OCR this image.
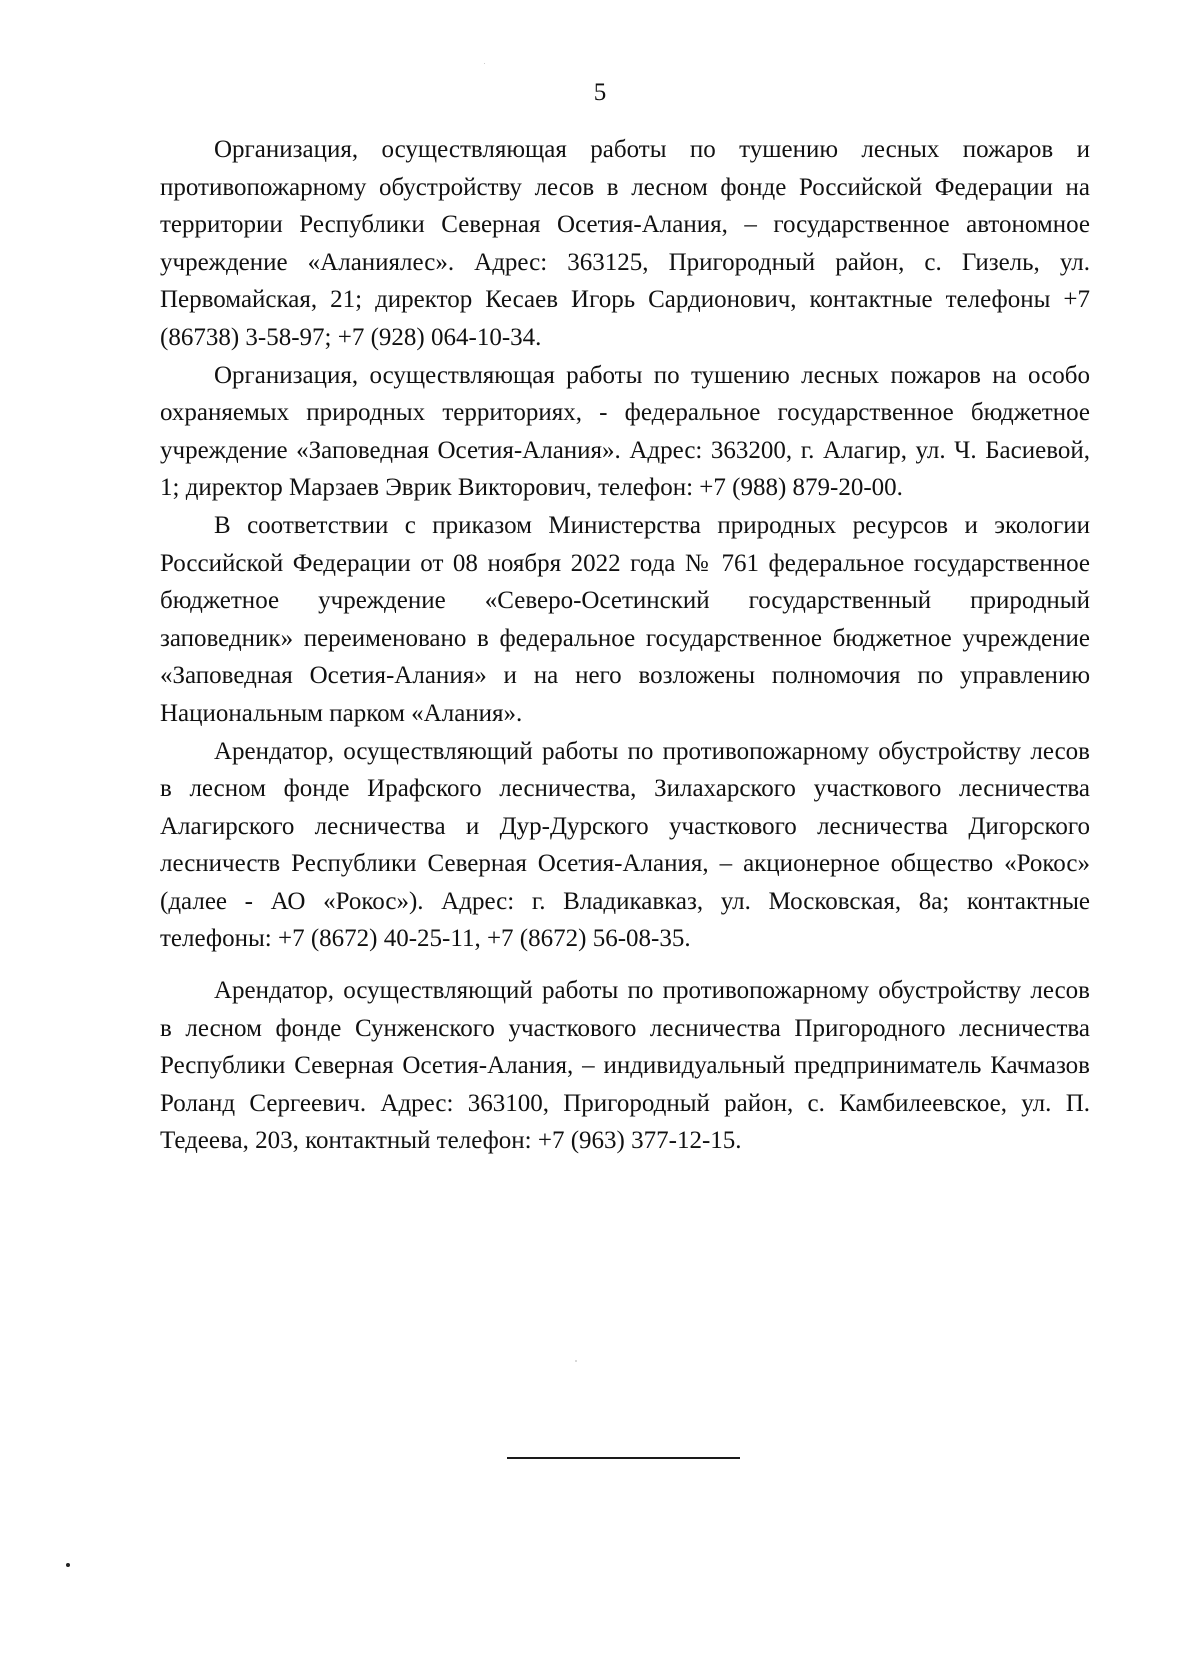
5

Организация, осуществляющая работы по тушению лесных пожаров и противопожарному обустройству лесов в лесном фонде Российской Федерации на территории Республики Северная Осетия-Алания, – государственное автономное учреждение «Аланиялес». Адрес: 363125, Пригородный район, с. Гизель, ул. Первомайская, 21; директор Кесаев Игорь Сардионович, контактные телефоны +7 (86738) 3-58-97; +7 (928) 064-10-34.

Организация, осуществляющая работы по тушению лесных пожаров на особо охраняемых природных территориях, - федеральное государственное бюджетное учреждение «Заповедная Осетия-Алания». Адрес: 363200, г. Алагир, ул. Ч. Басиевой, 1; директор Марзаев Эврик Викторович, телефон: +7 (988) 879-20-00.

В соответствии с приказом Министерства природных ресурсов и экологии Российской Федерации от 08 ноября 2022 года № 761 федеральное государственное бюджетное учреждение «Северо-Осетинский государственный природный заповедник» переименовано в федеральное государственное бюджетное учреждение «Заповедная Осетия-Алания» и на него возложены полномочия по управлению Национальным парком «Алания».

Арендатор, осуществляющий работы по противопожарному обустройству лесов в лесном фонде Ирафского лесничества, Зилахарского участкового лесничества Алагирского лесничества и Дур-Дурского участкового лесничества Дигорского лесничеств Республики Северная Осетия-Алания, – акционерное общество «Рокос» (далее - АО «Рокос»). Адрес: г. Владикавказ, ул. Московская, 8а; контактные телефоны: +7 (8672) 40-25-11, +7 (8672) 56-08-35.

Арендатор, осуществляющий работы по противопожарному обустройству лесов в лесном фонде Сунженского участкового лесничества Пригородного лесничества Республики Северная Осетия-Алания, – индивидуальный предприниматель Качмазов Роланд Сергеевич. Адрес: 363100, Пригородный район, с. Камбилеевское, ул. П. Тедеева, 203, контактный телефон: +7 (963) 377-12-15.
